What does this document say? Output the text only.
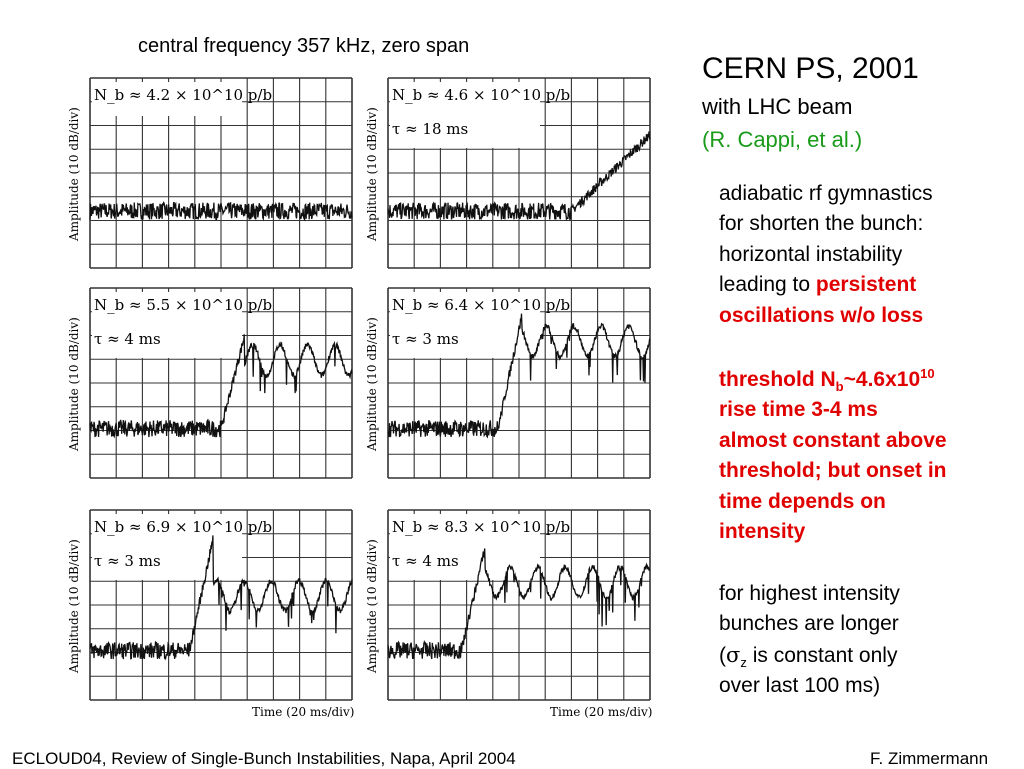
central frequency 357 kHz, zero span
N_b ≈ 4.2 × 10^10 p/b
Amplitude (10 dB/div)
N_b ≈ 4.6 × 10^10 p/b
τ ≈ 18 ms
Amplitude (10 dB/div)
N_b ≈ 5.5 × 10^10 p/b
τ ≈ 4 ms
Amplitude (10 dB/div)
N_b ≈ 6.4 × 10^10 p/b
τ ≈ 3 ms
Amplitude (10 dB/div)
N_b ≈ 6.9 × 10^10 p/b
τ ≈ 3 ms
Amplitude (10 dB/div)
N_b ≈ 8.3 × 10^10 p/b
τ ≈ 4 ms
Amplitude (10 dB/div)
Time (20 ms/div)	Time (20 ms/div)
CERN PS, 2001
with LHC beam
(R. Cappi, et al.)
adiabatic rf gymnastics
for shorten the bunch:
horizontal instability
leading to persistent
oscillations w/o loss
threshold $N_b\sim 4.6x10^{10}$
rise time 3-4 ms
almost constant above
threshold; but onset in
time depends on
intensity
for highest intensity
bunches are longer
($\sigma_z$ is constant only
over last 100 ms)
ECLOUD04, Review of Single-Bunch Instabilities, Napa, April 2004	F. Zimmermann
